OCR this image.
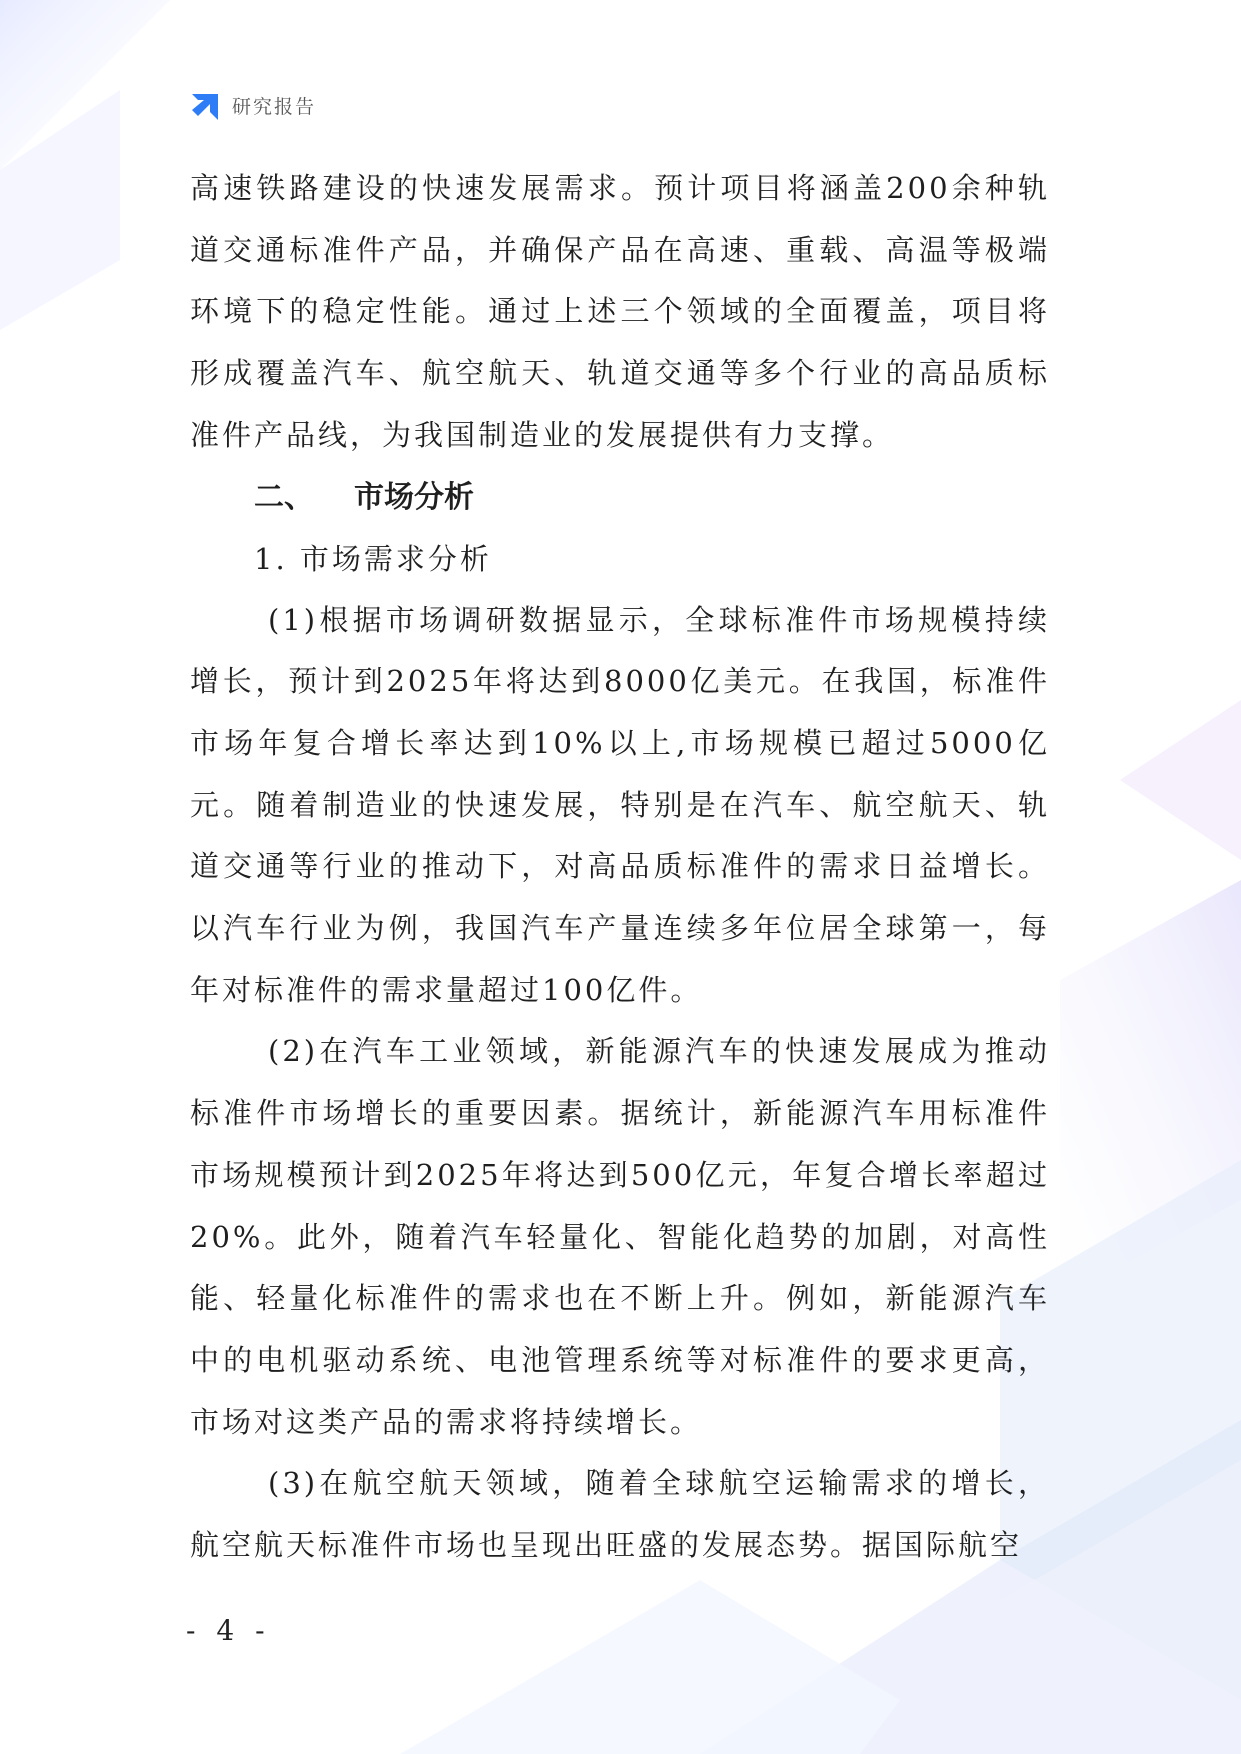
研究报告

高速铁路建设的快速发展需求。预计项目将涵盖200余种轨道交通标准件产品，并确保产品在高速、重载、高温等极端环境下的稳定性能。通过上述三个领域的全面覆盖，项目将形成覆盖汽车、航空航天、轨道交通等多个行业的高品质标准件产品线，为我国制造业的发展提供有力支撑。

二、 市场分析

1. 市场需求分析

(1)根据市场调研数据显示，全球标准件市场规模持续增长，预计到2025年将达到8000亿美元。在我国，标准件市场年复合增长率达到10%以上,市场规模已超过5000亿元。随着制造业的快速发展，特别是在汽车、航空航天、轨道交通等行业的推动下，对高品质标准件的需求日益增长。以汽车行业为例，我国汽车产量连续多年位居全球第一，每年对标准件的需求量超过100亿件。

(2)在汽车工业领域，新能源汽车的快速发展成为推动标准件市场增长的重要因素。据统计，新能源汽车用标准件市场规模预计到2025年将达到500亿元，年复合增长率超过20%。此外，随着汽车轻量化、智能化趋势的加剧，对高性能、轻量化标准件的需求也在不断上升。例如，新能源汽车中的电机驱动系统、电池管理系统等对标准件的要求更高，市场对这类产品的需求将持续增长。

(3)在航空航天领域，随着全球航空运输需求的增长，航空航天标准件市场也呈现出旺盛的发展态势。据国际航空

- 4 -
